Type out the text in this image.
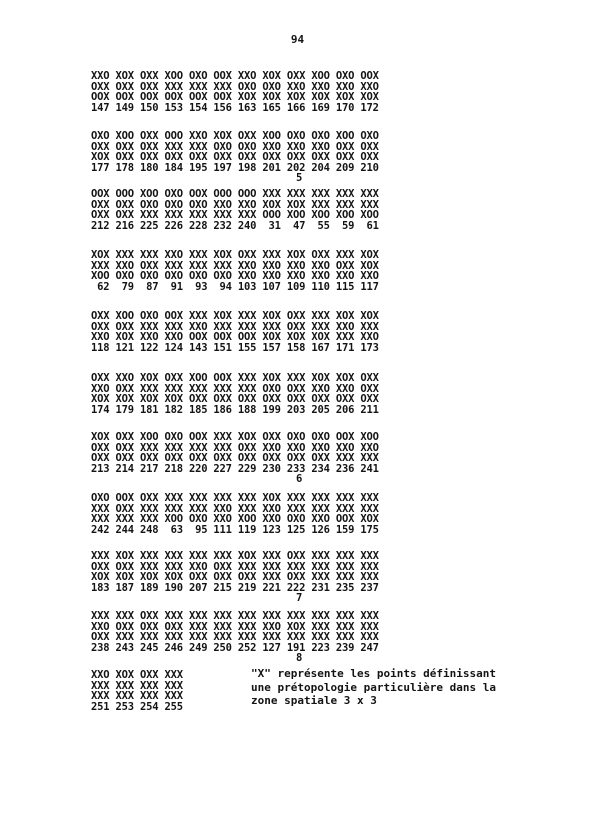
94
XXO XOX OXX XOO OXO OOX XXO XOX OXX XOO OXO OOX
OXX OXX OXX XXX XXX XXX OXO OXO XXO XXO XXO XXO
OOX OOX OOX OOX OOX OOX XOX XOX XOX XOX XOX XOX
147 149 150 153 154 156 163 165 166 169 170 172
OXO XOO OXX OOO XXO XOX OXX XOO OXO OXO XOO OXO
OXX OXX OXX XXX XXX OXO OXO XXO XXO XXO OXX OXX
XOX OXX OXX OXX OXX OXX OXX OXX OXX OXX OXX OXX
177 178 180 184 195 197 198 201 202 204 209 210
5
OOX OOO XOO OXO OOX OOO OOO XXX XXX XXX XXX XXX
OXX OXX OXO OXO OXO XXO XXO XOX XOX XXX XXX XXX
OXX OXX XXX XXX XXX XXX XXX OOO XOO XOO XOO XOO
212 216 225 226 228 232 240  31  47  55  59  61
XOX XXX XXX XXO XXX XOX OXX XXX XOX OXX XXX XOX
XXX XXO OXX XXX XXX XXX XXO XXO XXO XXO OXX XOX
XOO OXO OXO OXO OXO OXO XXO XXO XXO XXO XXO XXO
62  79  87  91  93  94 103 107 109 110 115 117
OXX XOO OXO OOX XXX XOX XXX XOX OXX XXX XOX XOX
OXX OXX XXX XXX XXO XXX XXX XXX OXX XXX XXO XXX
XXO XOX XXO XXO OOX OOX OOX XOX XOX XOX XXX XXO
118 121 122 124 143 151 155 157 158 167 171 173
OXX XXO XOX OXX XOO OOX XXX XOX XXX XOX XOX OXX
XXO OXX XXX XXX XXX XXX XXX OXO OXX XXO XXO OXX
XOX XOX XOX XOX OXX OXX OXX OXX OXX OXX OXX OXX
174 179 181 182 185 186 188 199 203 205 206 211
XOX OXX XOO OXO OOX XXX XOX OXX OXO OXO OOX XOO
OXX OXX XXX XXX XXX XXX OXX XXO XXO XXO XXO XXO
OXX OXX OXX OXX OXX OXX OXX OXX OXX OXX XXX XXX
213 214 217 218 220 227 229 230 233 234 236 241
6
OXO OOX OXX XXX XXX XXX XXX XOX XXX XXX XXX XXX
XXX OXX XXX XXX XXX XXO XXX XXO XXX XXX XXX XXX
XXX XXX XXX XOO OXO XXO XOO XXO OXO XXO OOX XOX
242 244 248  63  95 111 119 123 125 126 159 175
XXX XOX XXX XXX XXX XXX XOX XXX OXX XXX XXX XXX
OXX OXX XXX XXX XXO OXX XXX XXX XXX XXX XXX XXX
XOX XOX XOX XOX OXX OXX OXX XXX OXX XXX XXX XXX
183 187 189 190 207 215 219 221 222 231 235 237
7
XXX XXX OXX XXX XXX XXX XXX XXX XXX XXX XXX XXX
XXO OXX OXX OXX XXX XXX XXX XXO XOX XXX XXX XXX
OXX XXX XXX XXX XXX XXX XXX XXX XXX XXX XXX XXX
238 243 245 246 249 250 252 127 191 223 239 247
8
XXO XOX OXX XXX
XXX XXX XXX XXX
XXX XXX XXX XXX
251 253 254 255
"X" représente les points définissant
une prétopologie particulière dans la
zone spatiale 3 x 3
